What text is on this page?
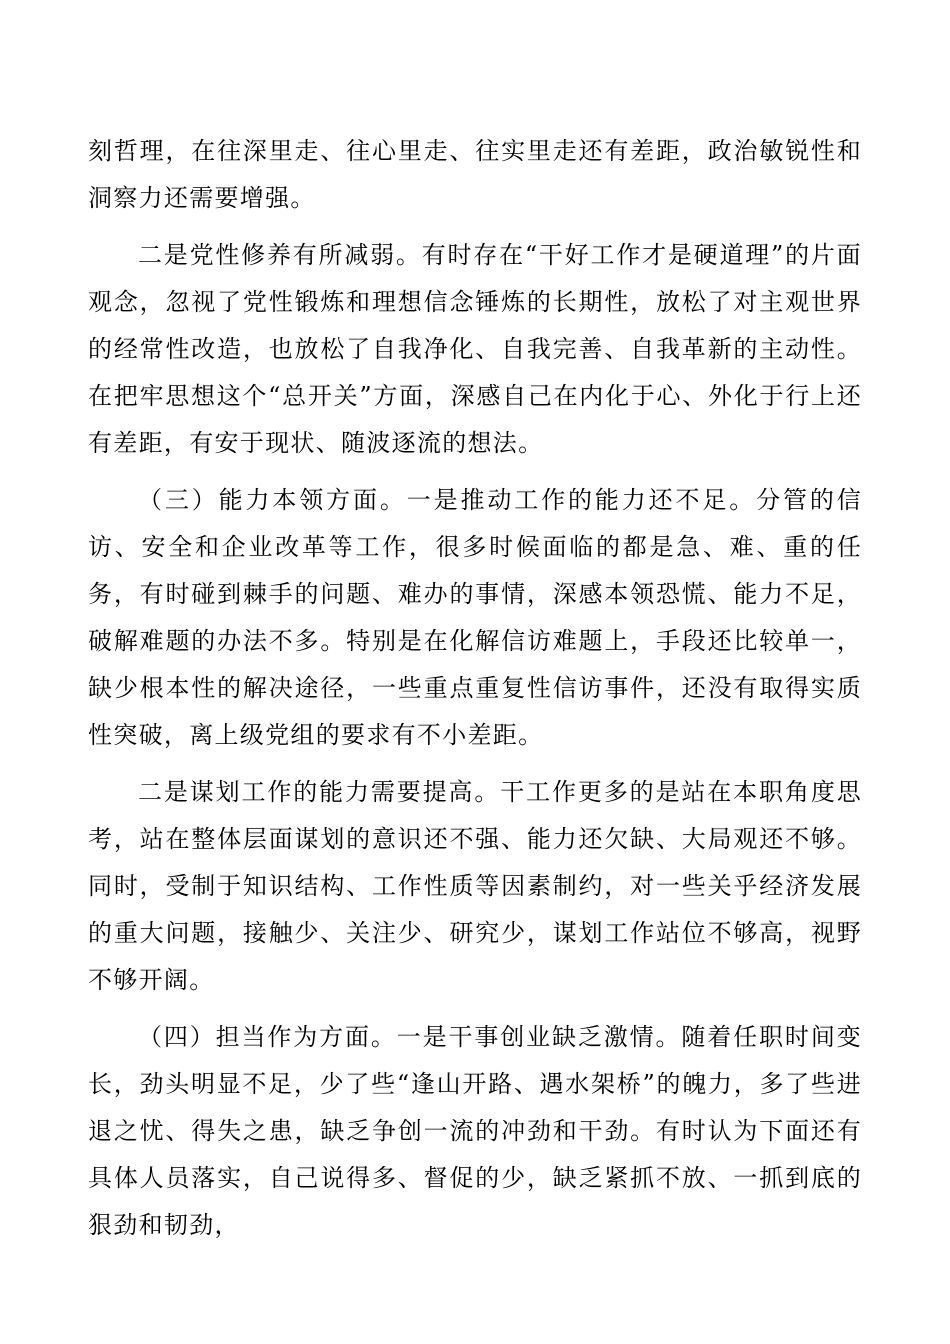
刻哲理，在往深里走、往心里走、往实里走还有差距，政治敏锐性和洞察力还需要增强。

二是党性修养有所减弱。有时存在“干好工作才是硬道理”的片面观念，忽视了党性锻炼和理想信念锤炼的长期性，放松了对主观世界的经常性改造，也放松了自我净化、自我完善、自我革新的主动性。在把牢思想这个“总开关”方面，深感自己在内化于心、外化于行上还有差距，有安于现状、随波逐流的想法。

（三）能力本领方面。一是推动工作的能力还不足。分管的信访、安全和企业改革等工作，很多时候面临的都是急、难、重的任务，有时碰到棘手的问题、难办的事情，深感本领恐慌、能力不足，破解难题的办法不多。特别是在化解信访难题上，手段还比较单一，缺少根本性的解决途径，一些重点重复性信访事件，还没有取得实质性突破，离上级党组的要求有不小差距。

二是谋划工作的能力需要提高。干工作更多的是站在本职角度思考，站在整体层面谋划的意识还不强、能力还欠缺、大局观还不够。同时，受制于知识结构、工作性质等因素制约，对一些关乎经济发展的重大问题，接触少、关注少、研究少，谋划工作站位不够高，视野不够开阔。

（四）担当作为方面。一是干事创业缺乏激情。随着任职时间变长，劲头明显不足，少了些“逢山开路、遇水架桥”的魄力，多了些进退之忧、得失之患，缺乏争创一流的冲劲和干劲。有时认为下面还有具体人员落实，自己说得多、督促的少，缺乏紧抓不放、一抓到底的狠劲和韧劲，
